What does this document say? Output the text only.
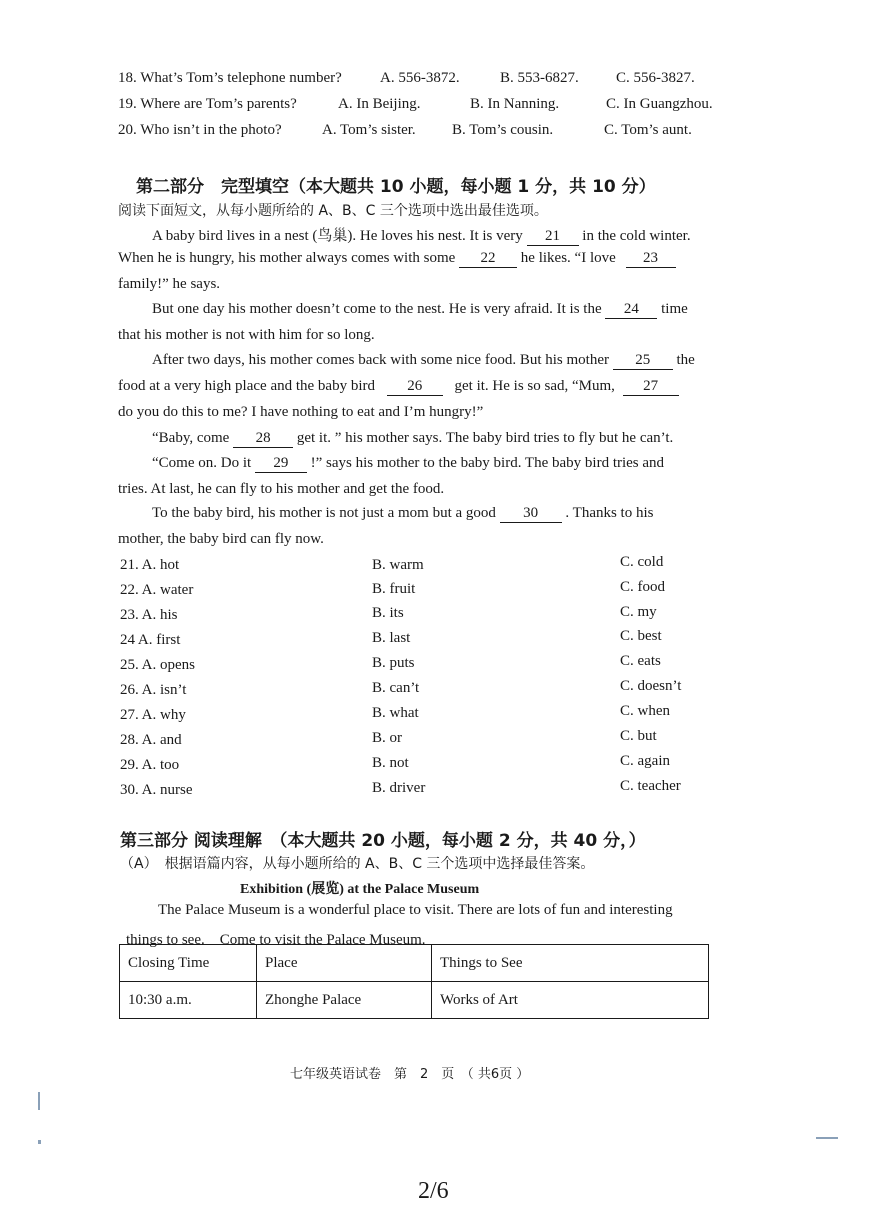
18. What’s Tom’s telephone number?	A. 556-3872.	B. 553-6827. C. 556-3827.
19. Where are Tom’s parents?	A. In Beijing.	B. In Nanning.	C. In Guangzhou.
20. Who isn’t in the photo?	A. Tom’s sister. B. Tom’s cousin.	C. Tom’s aunt.
第二部分　完型填空（本大题共 10 小题，每小题 1 分，共 10 分）
阅读下面短文，从每小题所给的 A、B、C 三个选项中选出最佳选项。
A baby bird lives in a nest (鸟巢). He loves his nest. It is very 21 in the cold winter.
When he is hungry, his mother always comes with some 22 he likes. “I love 23
family!” he says.
But one day his mother doesn’t come to the nest. He is very afraid. It is the 24 time
that his mother is not with him for so long.
After two days, his mother comes back with some nice food. But his mother 25 the
food at a very high place and the baby bird 26 get it. He is so sad, “Mum, 27
do you do this to me? I have nothing to eat and I’m hungry!”
“Baby, come 28 get it. ” his mother says. The baby bird tries to fly but he can’t.
“Come on. Do it 29 !” says his mother to the baby bird. The baby bird tries and
tries. At last, he can fly to his mother and get the food.
To the baby bird, his mother is not just a mom but a good 30 . Thanks to his
mother, the baby bird can fly now.
21. A. hot	B. warm	C. cold
22. A. water	B. fruit	C. food
23. A. his	B. its	C. my
24 A. first	B. last	C. best
25. A. opens	B. puts	C. eats
26. A. isn’t	B. can’t	C. doesn’t
27. A. why	B. what	C. when
28. A. and	B. or	C. but
29. A. too	B. not	C. again
30. A. nurse	B. driver	C. teacher
第三部分 阅读理解　（本大题共 20 小题，每小题 2 分，共 40 分，）
（A）　根据语篇内容，从每小题所给的 A、B、C 三个选项中选择最佳答案。
Exhibition (展览) at the Palace Museum
The Palace Museum is a wonderful place to visit. There are lots of fun and interesting
things to see.　Come to visit the Palace Museum.
Closing Time	Place	Things to See
10:30 a.m.	Zhonghe Palace	Works of Art
七年级英语试卷　第　2　页　（ 共6页 ）
2/6
